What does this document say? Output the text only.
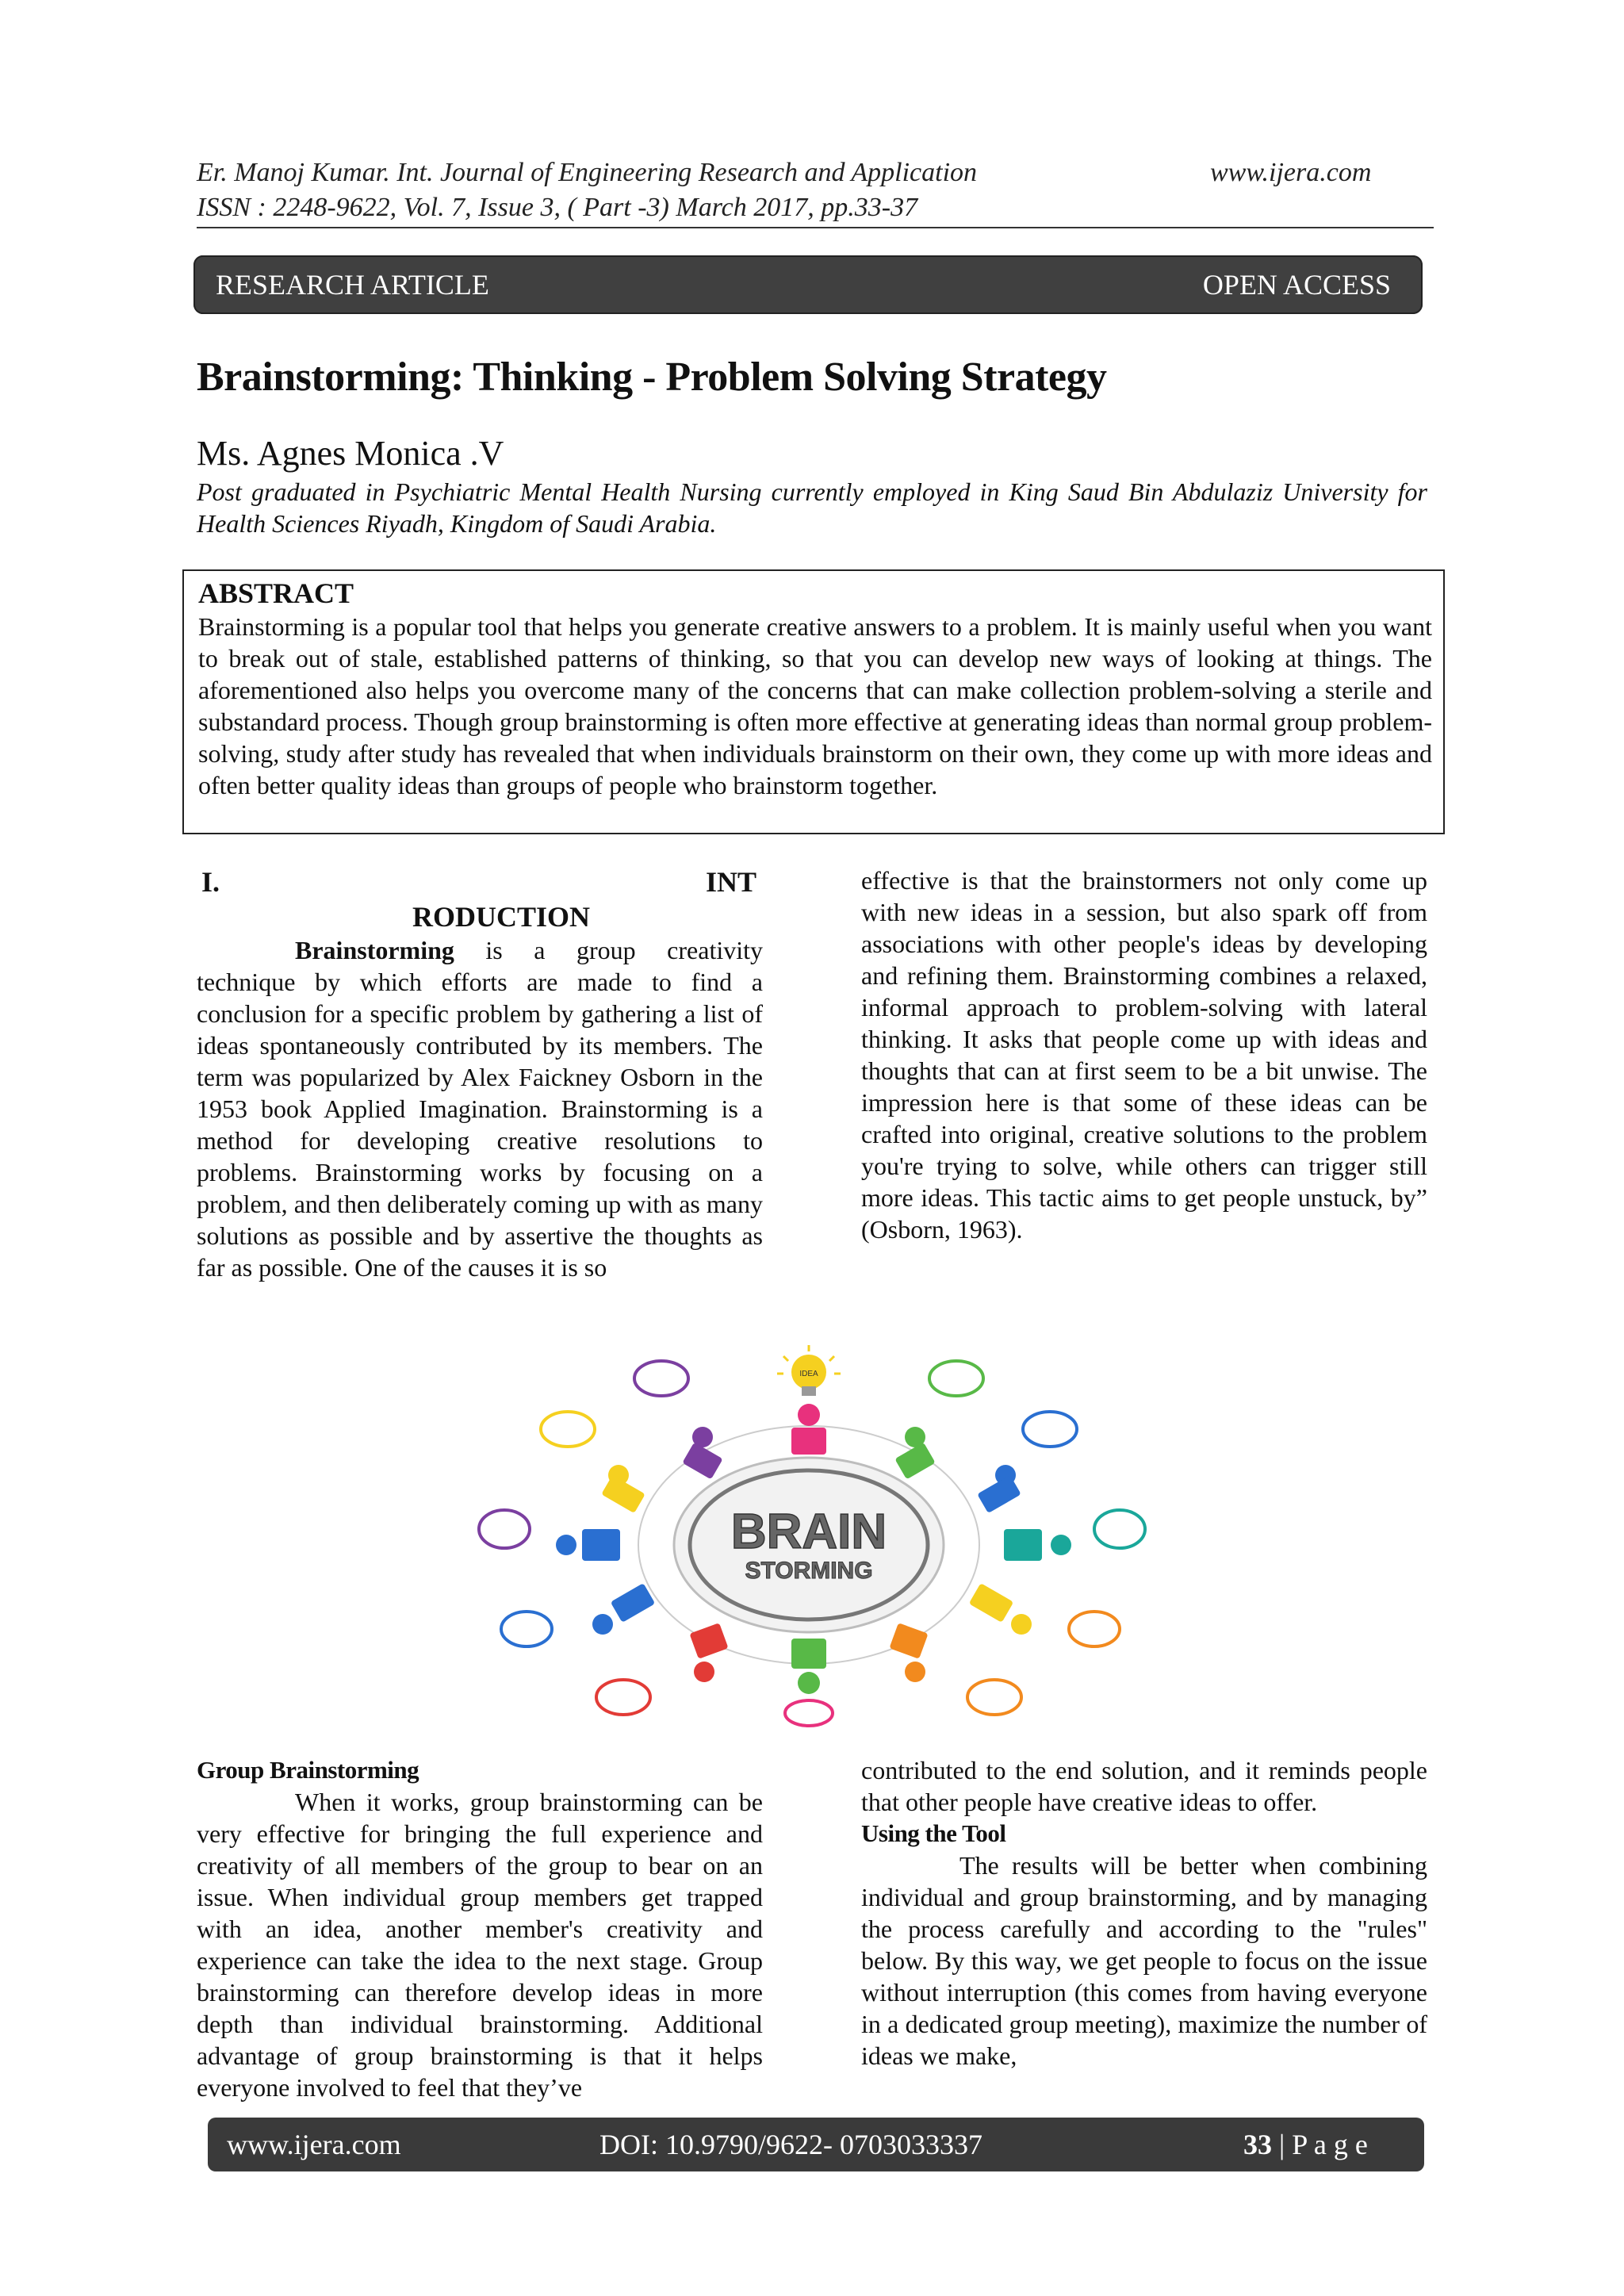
Er. Manoj Kumar. Int. Journal of Engineering Research and Application	www.ijera.com
ISSN : 2248-9622, Vol. 7, Issue 3, ( Part -3) March 2017, pp.33-37
RESEARCH ARTICLE	OPEN ACCESS
Brainstorming: Thinking - Problem Solving Strategy
Ms. Agnes Monica .V
Post graduated in Psychiatric Mental Health Nursing currently employed in King Saud Bin Abdulaziz University for Health Sciences Riyadh, Kingdom of Saudi Arabia.
ABSTRACT
Brainstorming is a popular tool that helps you generate creative answers to a problem. It is mainly useful when you want to break out of stale, established patterns of thinking, so that you can develop new ways of looking at things. The aforementioned also helps you overcome many of the concerns that can make collection problem-solving a sterile and substandard process. Though group brainstorming is often more effective at generating ideas than normal group problem-solving, study after study has revealed that when individuals brainstorm on their own, they come up with more ideas and often better quality ideas than groups of people who brainstorm together.
I.	INT
RODUCTION

Brainstorming is a group creativity technique by which efforts are made to find a conclusion for a specific problem by gathering a list of ideas spontaneously contributed by its members. The term was popularized by Alex Faickney Osborn in the 1953 book Applied Imagination. Brainstorming is a method for developing creative resolutions to problems. Brainstorming works by focusing on a problem, and then deliberately coming up with as many solutions as possible and by assertive the thoughts as far as possible. One of the causes it is so

effective is that the brainstormers not only come up with new ideas in a session, but also spark off from associations with other people's ideas by developing and refining them. Brainstorming combines a relaxed, informal approach to problem-solving with lateral thinking. It asks that people come up with ideas and thoughts that can at first seem to be a bit unwise. The impression here is that some of these ideas can be crafted into original, creative solutions to the problem you're trying to solve, while others can trigger still more ideas. This tactic aims to get people unstuck, by” (Osborn, 1963).

BRAIN
STORMING
IDEA
Group Brainstorming

When it works, group brainstorming can be very effective for bringing the full experience and creativity of all members of the group to bear on an issue. When individual group members get trapped with an idea, another member's creativity and experience can take the idea to the next stage. Group brainstorming can therefore develop ideas in more depth than individual brainstorming. Additional advantage of group brainstorming is that it helps everyone involved to feel that they’ve

contributed to the end solution, and it reminds people that other people have creative ideas to offer.

Using the Tool

The results will be better when combining individual and group brainstorming, and by managing the process carefully and according to the "rules" below. By this way, we get people to focus on the issue without interruption (this comes from having everyone in a dedicated group meeting), maximize the number of ideas we make,

www.ijera.com	DOI: 10.9790/9622- 0703033337	33 | P a g e
